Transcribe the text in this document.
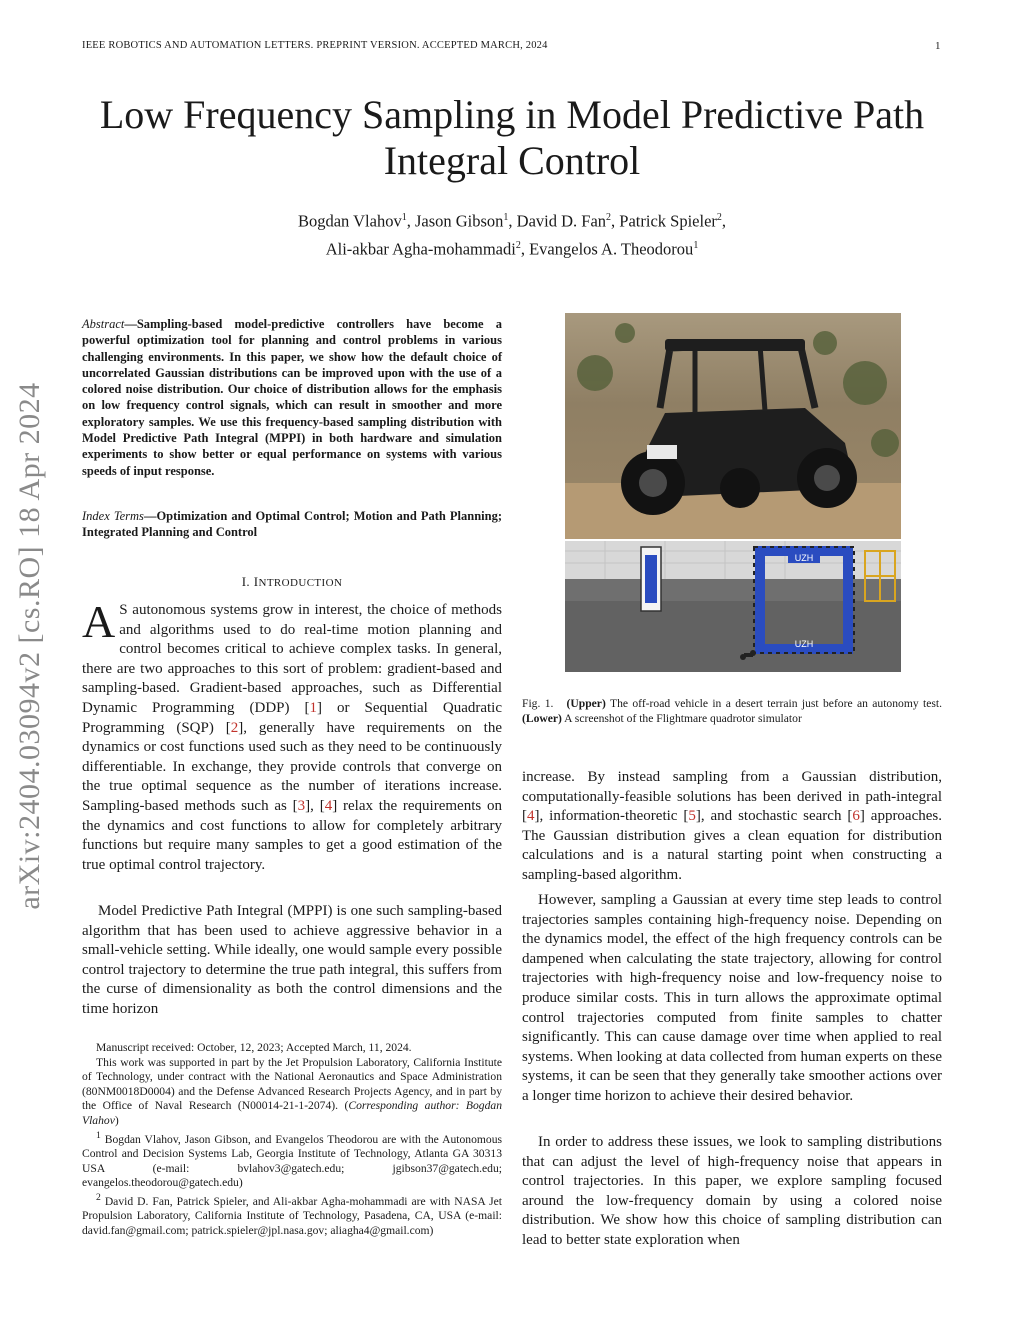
IEEE ROBOTICS AND AUTOMATION LETTERS. PREPRINT VERSION. ACCEPTED MARCH, 2024	1
Low Frequency Sampling in Model Predictive Path Integral Control
Bogdan Vlahov$^1$, Jason Gibson$^1$, David D. Fan$^2$, Patrick Spieler$^2$,
Ali-akbar Agha-mohammadi$^2$, Evangelos A. Theodorou$^1$
arXiv:2404.03094v2 [cs.RO] 18 Apr 2024
Abstract—Sampling-based model-predictive controllers have become a powerful optimization tool for planning and control problems in various challenging environments. In this paper, we show how the default choice of uncorrelated Gaussian distributions can be improved upon with the use of a colored noise distribution. Our choice of distribution allows for the emphasis on low frequency control signals, which can result in smoother and more exploratory samples. We use this frequency-based sampling distribution with Model Predictive Path Integral (MPPI) in both hardware and simulation experiments to show better or equal performance on systems with various speeds of input response.
Index Terms—Optimization and Optimal Control; Motion and Path Planning; Integrated Planning and Control
I. INTRODUCTION
A S autonomous systems grow in interest, the choice of methods and algorithms used to do real-time motion planning and control becomes critical to achieve complex tasks. In general, there are two approaches to this sort of problem: gradient-based and sampling-based. Gradient-based approaches, such as Differential Dynamic Programming (DDP) [1] or Sequential Quadratic Programming (SQP) [2], generally have requirements on the dynamics or cost functions used such as they need to be continuously differentiable. In exchange, they provide controls that converge on the true optimal sequence as the number of iterations increase. Sampling-based methods such as [3], [4] relax the requirements on the dynamics and cost functions to allow for completely arbitrary functions but require many samples to get a good estimation of the true optimal control trajectory.
Model Predictive Path Integral (MPPI) is one such sampling-based algorithm that has been used to achieve aggressive behavior in a small-vehicle setting. While ideally, one would sample every possible control trajectory to determine the true path integral, this suffers from the curse of dimensionality as both the control dimensions and the time horizon

Manuscript received: October, 12, 2023; Accepted March, 11, 2024.

This work was supported in part by the Jet Propulsion Laboratory, California Institute of Technology, under contract with the National Aeronautics and Space Administration (80NM0018D0004) and the Defense Advanced Research Projects Agency, and in part by the Office of Naval Research (N00014-21-1-2074). (Corresponding author: Bogdan Vlahov)

$^1$ Bogdan Vlahov, Jason Gibson, and Evangelos Theodorou are with the Autonomous Control and Decision Systems Lab, Georgia Institute of Technology, Atlanta GA 30313 USA (e-mail: bvlahov3@gatech.edu; jgibson37@gatech.edu; evangelos.theodorou@gatech.edu)

$^2$ David D. Fan, Patrick Spieler, and Ali-akbar Agha-mohammadi are with NASA Jet Propulsion Laboratory, California Institute of Technology, Pasadena, CA, USA (e-mail: david.fan@gmail.com; patrick.spieler@jpl.nasa.gov; aliagha4@gmail.com)

UZH
UZH
Fig. 1. (Upper) The off-road vehicle in a desert terrain just before an autonomy test. (Lower) A screenshot of the Flightmare quadrotor simulator
increase. By instead sampling from a Gaussian distribution, computationally-feasible solutions has been derived in path-integral [4], information-theoretic [5], and stochastic search [6] approaches. The Gaussian distribution gives a clean equation for distribution calculations and is a natural starting point when constructing a sampling-based algorithm.
However, sampling a Gaussian at every time step leads to control trajectories samples containing high-frequency noise. Depending on the dynamics model, the effect of the high frequency controls can be dampened when calculating the state trajectory, allowing for control trajectories with high-frequency noise and low-frequency noise to produce similar costs. This in turn allows the approximate optimal control trajectories computed from finite samples to chatter significantly. This can cause damage over time when applied to real systems. When looking at data collected from human experts on these systems, it can be seen that they generally take smoother actions over a longer time horizon to achieve their desired behavior.
In order to address these issues, we look to sampling distributions that can adjust the level of high-frequency noise that appears in control trajectories. In this paper, we explore sampling focused around the low-frequency domain by using a colored noise distribution. We show how this choice of sampling distribution can lead to better state exploration when
